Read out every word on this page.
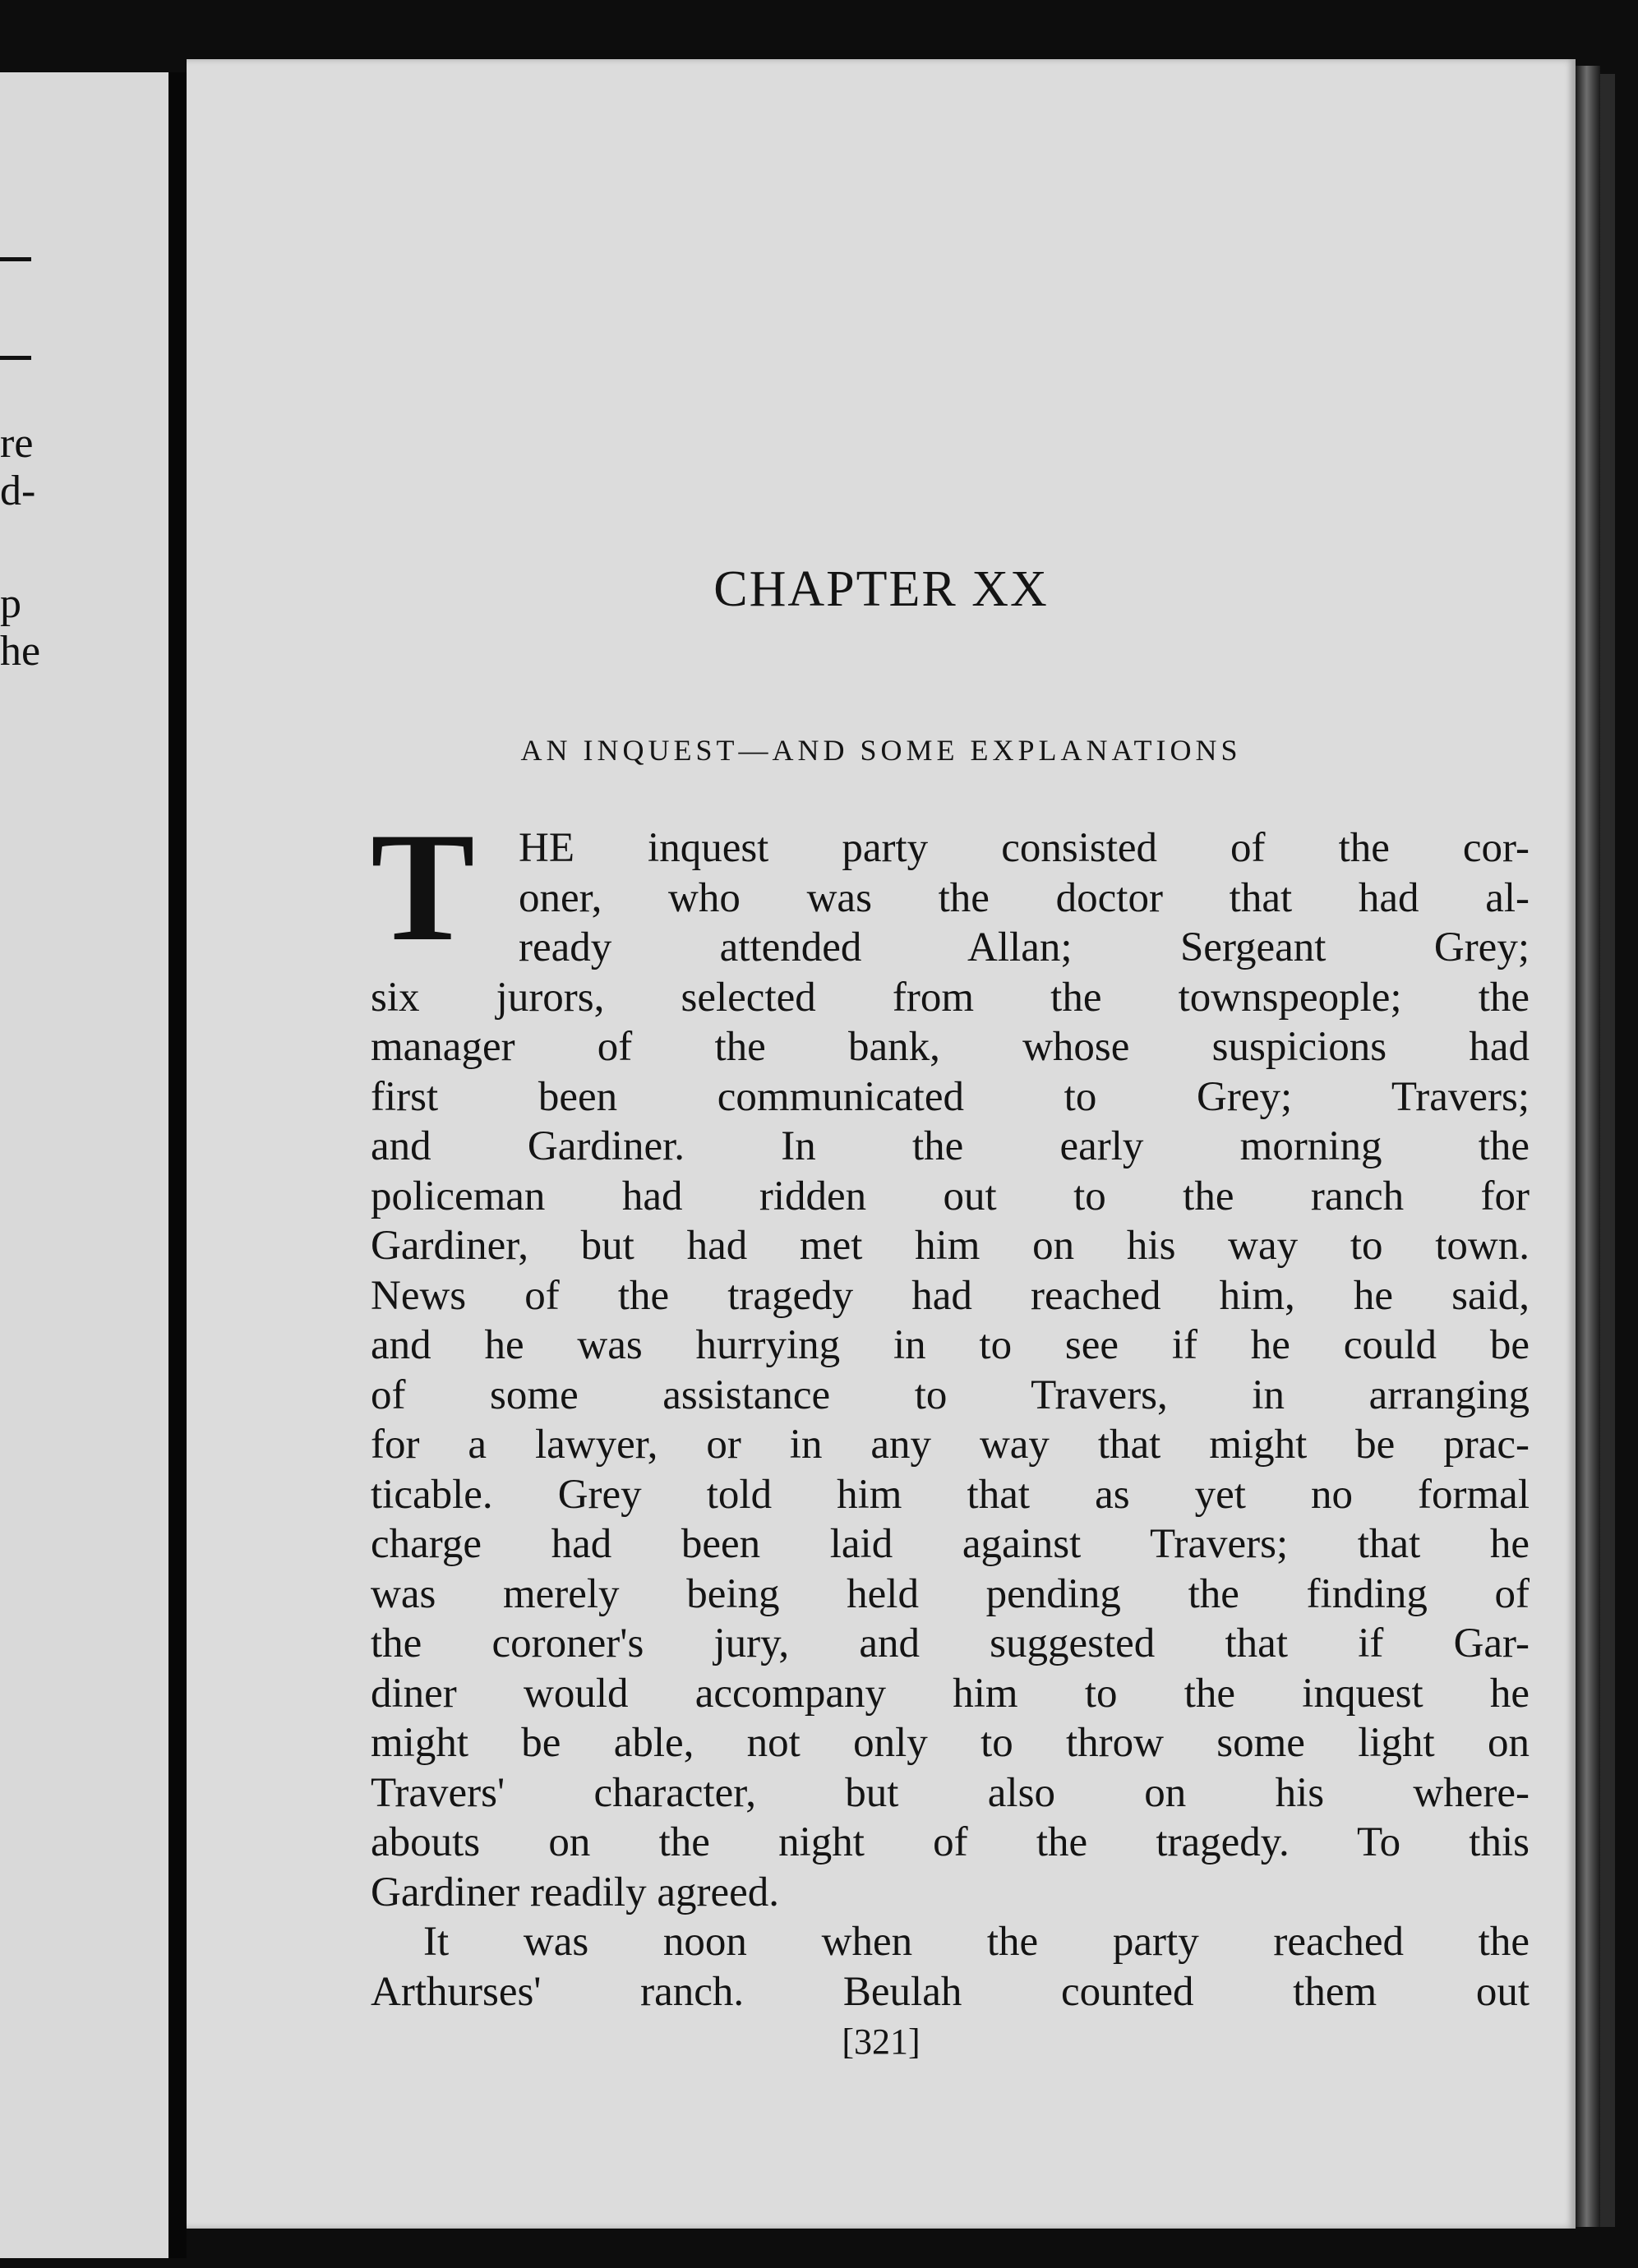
re
d-
p
he
CHAPTER XX
AN INQUEST—AND SOME EXPLANATIONS
T	HE inquest party consisted of the cor-
oner, who was the doctor that had al-
ready attended Allan; Sergeant Grey;
six jurors, selected from the townspeople; the
manager of the bank, whose suspicions had
first been communicated to Grey; Travers;
and Gardiner. In the early morning the
policeman had ridden out to the ranch for
Gardiner, but had met him on his way to town.
News of the tragedy had reached him, he said,
and he was hurrying in to see if he could be
of some assistance to Travers, in arranging
for a lawyer, or in any way that might be prac-
ticable. Grey told him that as yet no formal
charge had been laid against Travers; that he
was merely being held pending the finding of
the coroner's jury, and suggested that if Gar-
diner would accompany him to the inquest he
might be able, not only to throw some light on
Travers' character, but also on his where-
abouts on the night of the tragedy. To this
Gardiner readily agreed.
It was noon when the party reached the
Arthurses' ranch. Beulah counted them out
[321]
